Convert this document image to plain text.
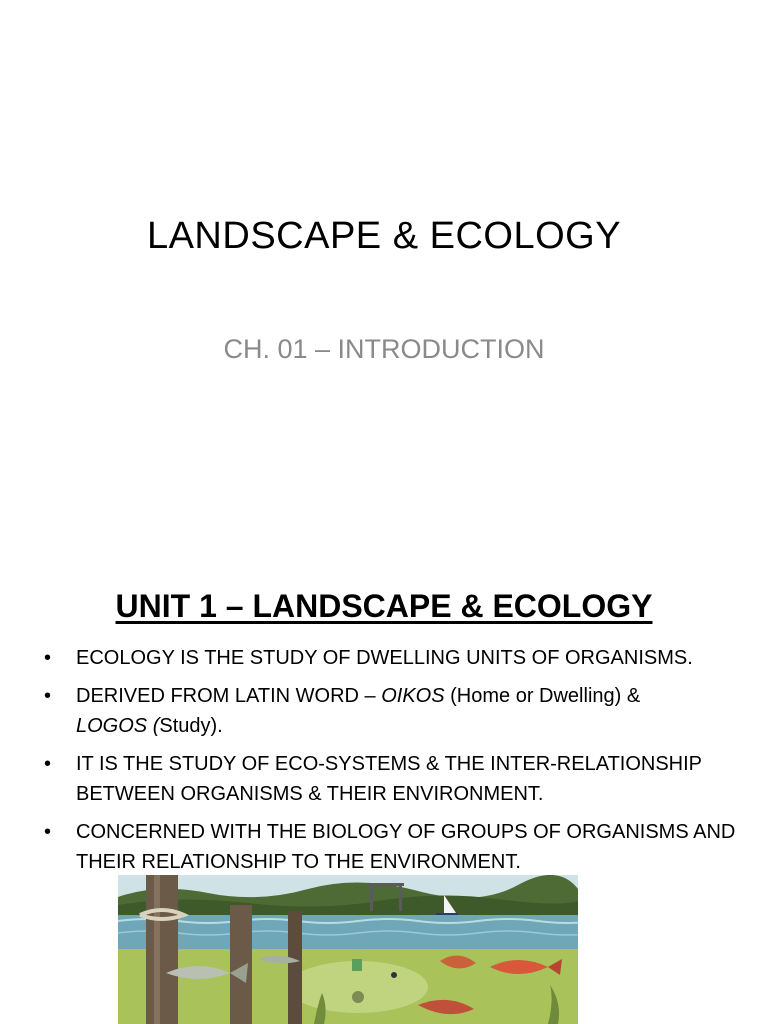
LANDSCAPE & ECOLOGY
CH. 01 – INTRODUCTION
UNIT 1 – LANDSCAPE & ECOLOGY
• ECOLOGY IS THE STUDY OF DWELLING UNITS OF ORGANISMS.
• DERIVED FROM LATIN WORD – OIKOS (Home or Dwelling) &
LOGOS (Study).
• IT IS THE STUDY OF ECO-SYSTEMS & THE INTER-RELATIONSHIP BETWEEN ORGANISMS & THEIR ENVIRONMENT.
• CONCERNED WITH THE BIOLOGY OF GROUPS OF ORGANISMS AND THEIR RELATIONSHIP TO THE ENVIRONMENT.
